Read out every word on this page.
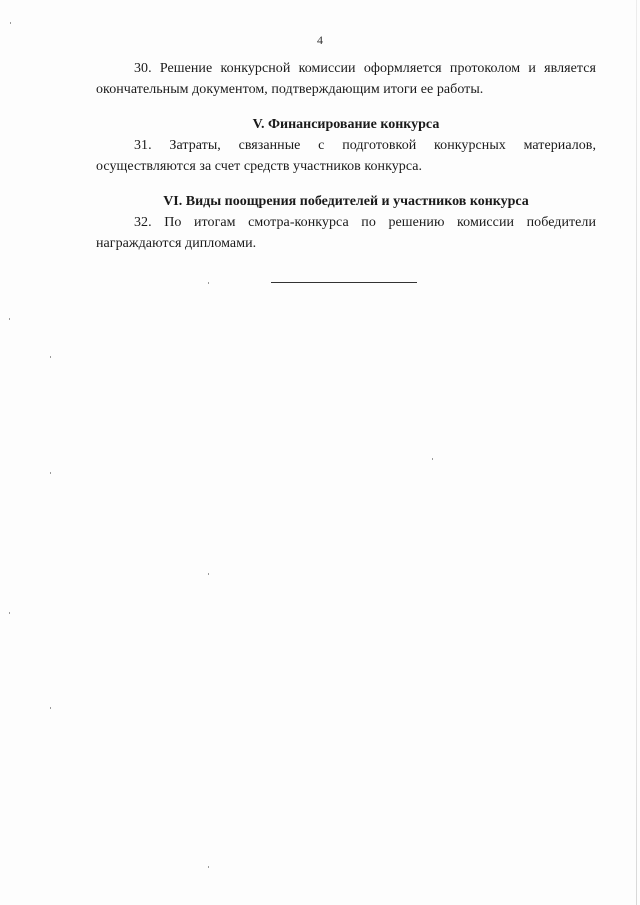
4

30. Решение конкурсной комиссии оформляется протоколом и является окончательным документом, подтверждающим итоги ее работы.

V. Финансирование конкурса

31. Затраты, связанные с подготовкой конкурсных материалов, осуществляются за счет средств участников конкурса.

VI. Виды поощрения победителей и участников конкурса

32. По итогам смотра-конкурса по решению комиссии победители награждаются дипломами.
